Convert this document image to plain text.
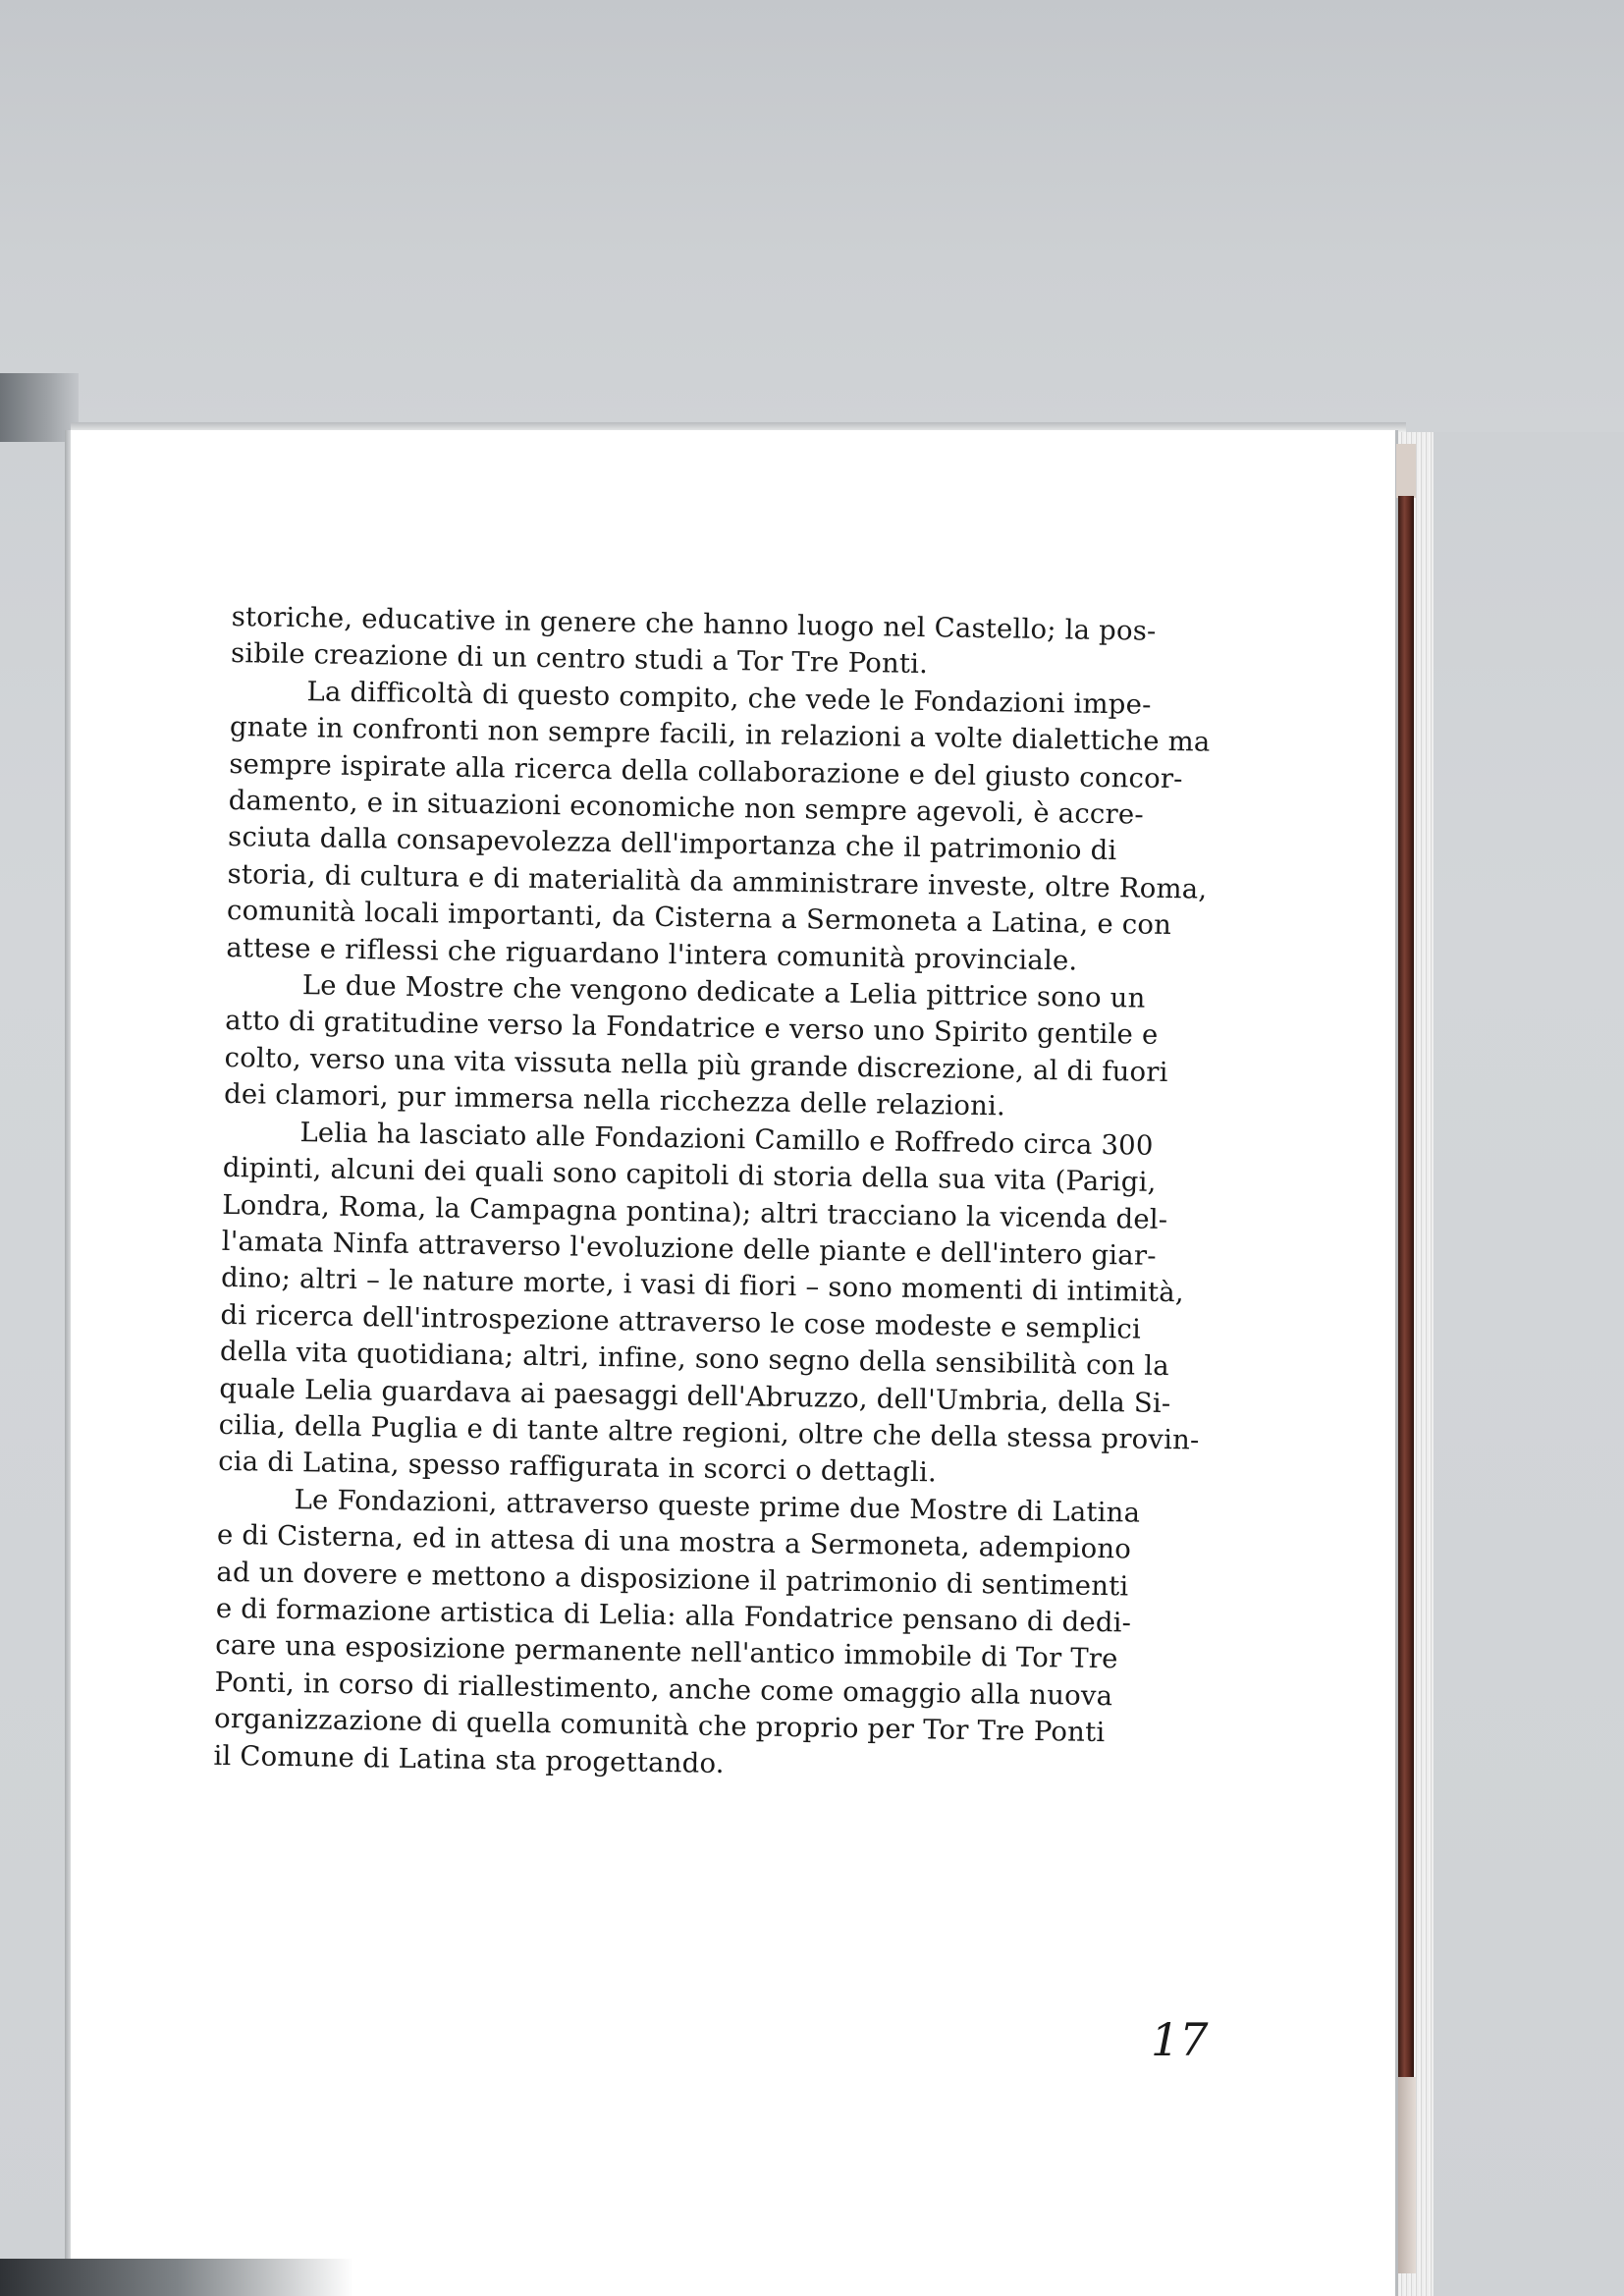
storiche, educative in genere che hanno luogo nel Castello; la pos-
sibile creazione di un centro studi a Tor Tre Ponti.

La difficoltà di questo compito, che vede le Fondazioni impe-
gnate in confronti non sempre facili, in relazioni a volte dialettiche ma
sempre ispirate alla ricerca della collaborazione e del giusto concor-
damento, e in situazioni economiche non sempre agevoli, è accre-
sciuta dalla consapevolezza dell'importanza che il patrimonio di
storia, di cultura e di materialità da amministrare investe, oltre Roma,
comunità locali importanti, da Cisterna a Sermoneta a Latina, e con
attese e riflessi che riguardano l'intera comunità provinciale.

Le due Mostre che vengono dedicate a Lelia pittrice sono un
atto di gratitudine verso la Fondatrice e verso uno Spirito gentile e
colto, verso una vita vissuta nella più grande discrezione, al di fuori
dei clamori, pur immersa nella ricchezza delle relazioni.

Lelia ha lasciato alle Fondazioni Camillo e Roffredo circa 300
dipinti, alcuni dei quali sono capitoli di storia della sua vita (Parigi,
Londra, Roma, la Campagna pontina); altri tracciano la vicenda del-
l'amata Ninfa attraverso l'evoluzione delle piante e dell'intero giar-
dino; altri – le nature morte, i vasi di fiori – sono momenti di intimità,
di ricerca dell'introspezione attraverso le cose modeste e semplici
della vita quotidiana; altri, infine, sono segno della sensibilità con la
quale Lelia guardava ai paesaggi dell'Abruzzo, dell'Umbria, della Si-
cilia, della Puglia e di tante altre regioni, oltre che della stessa provin-
cia di Latina, spesso raffigurata in scorci o dettagli.

Le Fondazioni, attraverso queste prime due Mostre di Latina
e di Cisterna, ed in attesa di una mostra a Sermoneta, adempiono
ad un dovere e mettono a disposizione il patrimonio di sentimenti
e di formazione artistica di Lelia: alla Fondatrice pensano di dedi-
care una esposizione permanente nell'antico immobile di Tor Tre
Ponti, in corso di riallestimento, anche come omaggio alla nuova
organizzazione di quella comunità che proprio per Tor Tre Ponti
il Comune di Latina sta progettando.

17
